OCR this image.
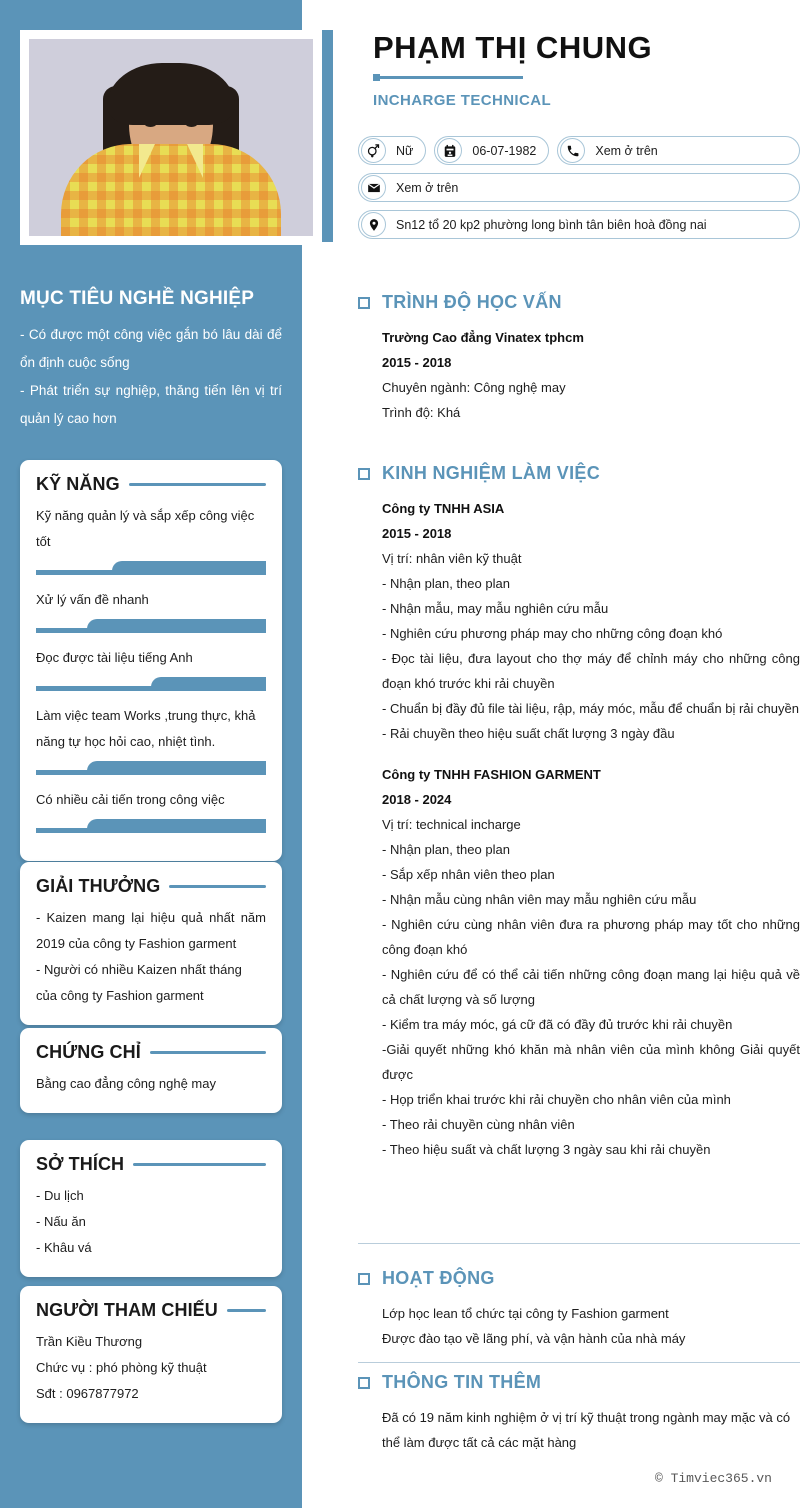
MỤC TIÊU NGHỀ NGHIỆP

- Có được một công việc gắn bó lâu dài để ổn định cuộc sống

- Phát triển sự nghiệp, thăng tiến lên vị trí quản lý cao hơn

KỸ NĂNG
Kỹ năng quản lý và sắp xếp công việc tốt
Xử lý vấn đề nhanh
Đọc được tài liệu tiếng Anh
Làm việc team Works ,trung thực, khả năng tự học hỏi cao, nhiệt tình.
Có nhiều cải tiến trong công việc
GIẢI THƯỞNG

- Kaizen mang lại hiệu quả nhất năm 2019 của công ty Fashion garment

- Người có nhiều Kaizen nhất tháng của công ty Fashion garment

CHỨNG CHỈ

Bằng cao đẳng công nghệ may

SỞ THÍCH

- Du lịch

- Nấu ăn

- Khâu vá

NGƯỜI THAM CHIẾU

Trần Kiều Thương

Chức vụ : phó phòng kỹ thuật

Sđt : 0967877972

PHẠM THỊ CHUNG
INCHARGE TECHNICAL
Nữ	06-07-1982	Xem ở trên
Xem ở trên
Sn12 tổ 20 kp2 phường long bình tân biên hoà đồng nai
TRÌNH ĐỘ HỌC VẤN
Trường Cao đẳng Vinatex tphcm
2015 - 2018
Chuyên ngành: Công nghệ may
Trình độ: Khá
KINH NGHIỆM LÀM VIỆC
Công ty TNHH ASIA
2015 - 2018
Vị trí: nhân viên kỹ thuật
- Nhận plan, theo plan
- Nhận mẫu, may mẫu nghiên cứu mẫu
- Nghiên cứu phương pháp may cho những công đoạn khó
- Đọc tài liệu, đưa layout cho thợ máy để chỉnh máy cho những công đoạn khó trước khi rải chuyền
- Chuẩn bị đầy đủ file tài liệu, rập, máy móc, mẫu để chuẩn bị rải chuyền
- Rải chuyền theo hiệu suất chất lượng 3 ngày đầu
Công ty TNHH FASHION GARMENT
2018 - 2024
Vị trí: technical incharge
- Nhận plan, theo plan
- Sắp xếp nhân viên theo plan
- Nhận mẫu cùng nhân viên may mẫu nghiên cứu mẫu
- Nghiên cứu cùng nhân viên đưa ra phương pháp may tốt cho những công đoạn khó
- Nghiên cứu để có thể cải tiến những công đoạn mang lại hiệu quả về cả chất lượng và số lượng
- Kiểm tra máy móc, gá cữ đã có đầy đủ trước khi rải chuyền
-Giải quyết những khó khăn mà nhân viên của mình không Giải quyết được
- Họp triển khai trước khi rải chuyền cho nhân viên của mình
- Theo rải chuyền cùng nhân viên
- Theo hiệu suất và chất lượng 3 ngày sau khi rải chuyền
HOẠT ĐỘNG
Lớp học lean tổ chức tại công ty Fashion garment
Được đào tạo về lãng phí, và vận hành của nhà máy
THÔNG TIN THÊM
Đã có 19 năm kinh nghiệm ở vị trí kỹ thuật trong ngành may mặc và có thể làm được tất cả các mặt hàng
© Timviec365.vn
